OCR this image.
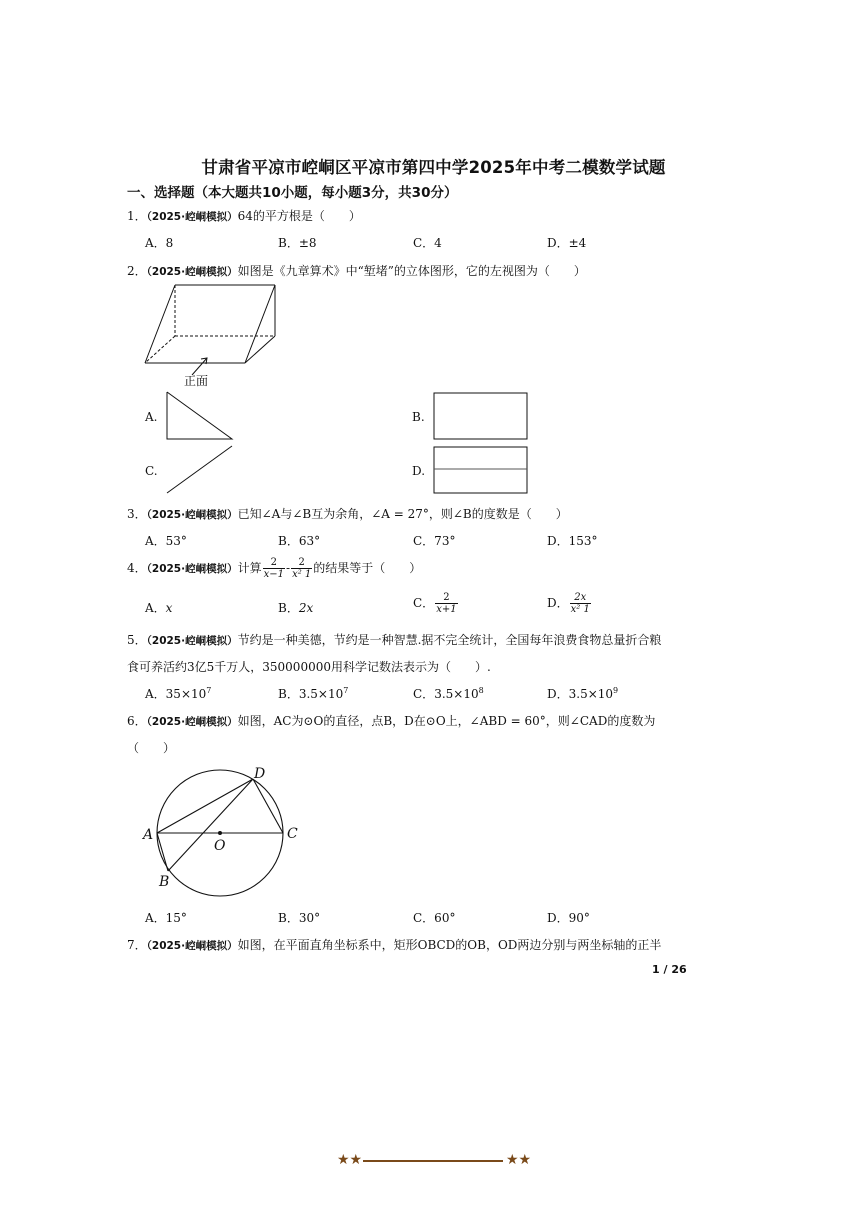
甘肃省平凉市崆峒区平凉市第四中学2025年中考二模数学试题
一、选择题（本大题共10小题，每小题3分，共30分）
1．（2025·崆峒模拟）64的平方根是（　　）
A．8	B．±8	C．4	D．±4
2．（2025·崆峒模拟）如图是《九章算术》中“堑堵”的立体图形，它的左视图为（　　）
正面
A.	B.
C.	D.
3．（2025·崆峒模拟）已知∠A与∠B互为余角，∠A = 27°，则∠B的度数是（　　）
A．53°	B．63°	C．73°	D．153°
4．（2025·崆峒模拟）计算 $\frac{2}{x-1} - \frac{2}{\text{x² 1}}$ 的结果等于（　　）
A．x	B．2x	C． $\frac{2}{x+1}$	D． $\frac{2x}{\text{x² 1}}$
5．（2025·崆峒模拟）节约是一种美德，节约是一种智慧.据不完全统计，全国每年浪费食物总量折合粮
食可养活约3亿5千万人，350000000用科学记数法表示为（　　）.
A．$35\times 10^7$	B．$3.5\times 10^7$	C．$3.5\times 10^8$	D．$3.5\times 10^9$
6．（2025·崆峒模拟）如图，AC为⊙O的直径，点B，D在⊙O上，∠ABD = 60°，则∠CAD的度数为
（　　）
A	C
D
B
O
A．15°	B．30°	C．60°	D．90°
7．（2025·崆峒模拟）如图，在平面直角坐标系中，矩形OBCD的OB，OD两边分别与两坐标轴的正半
1 / 26
★★	★★
